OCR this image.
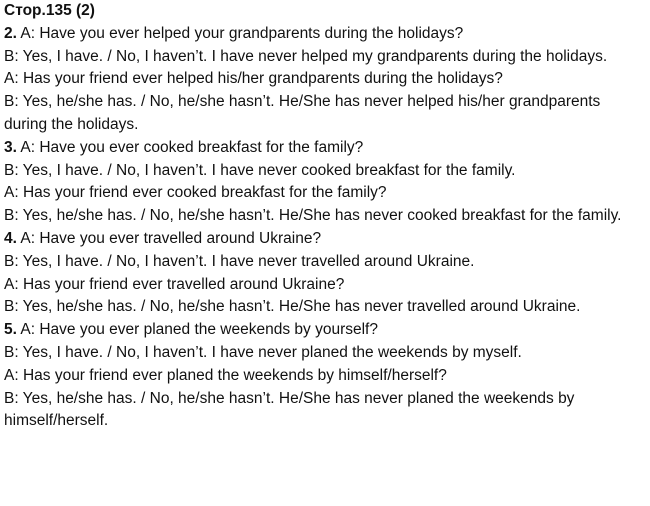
Стор.135 (2)
2. A: Have you ever helped your grandparents during the holidays?
B: Yes, I have. / No, I haven’t. I have never helped my grandparents during the holidays.
A: Has your friend ever helped his/her grandparents during the holidays?
B: Yes, he/she has. / No, he/she hasn’t. He/She has never helped his/her grandparents during the holidays.
3. A: Have you ever cooked breakfast for the family?
B: Yes, I have. / No, I haven’t. I have never cooked breakfast for the family.
A: Has your friend ever cooked breakfast for the family?
B: Yes, he/she has. / No, he/she hasn’t. He/She has never cooked breakfast for the family.
4. A: Have you ever travelled around Ukraine?
B: Yes, I have. / No, I haven’t. I have never travelled around Ukraine.
A: Has your friend ever travelled around Ukraine?
B: Yes, he/she has. / No, he/she hasn’t. He/She has never travelled around Ukraine.
5. A: Have you ever planed the weekends by yourself?
B: Yes, I have. / No, I haven’t. I have never planed the weekends by myself.
A: Has your friend ever planed the weekends by himself/herself?
B: Yes, he/she has. / No, he/she hasn’t. He/She has never planed the weekends by himself/herself.
